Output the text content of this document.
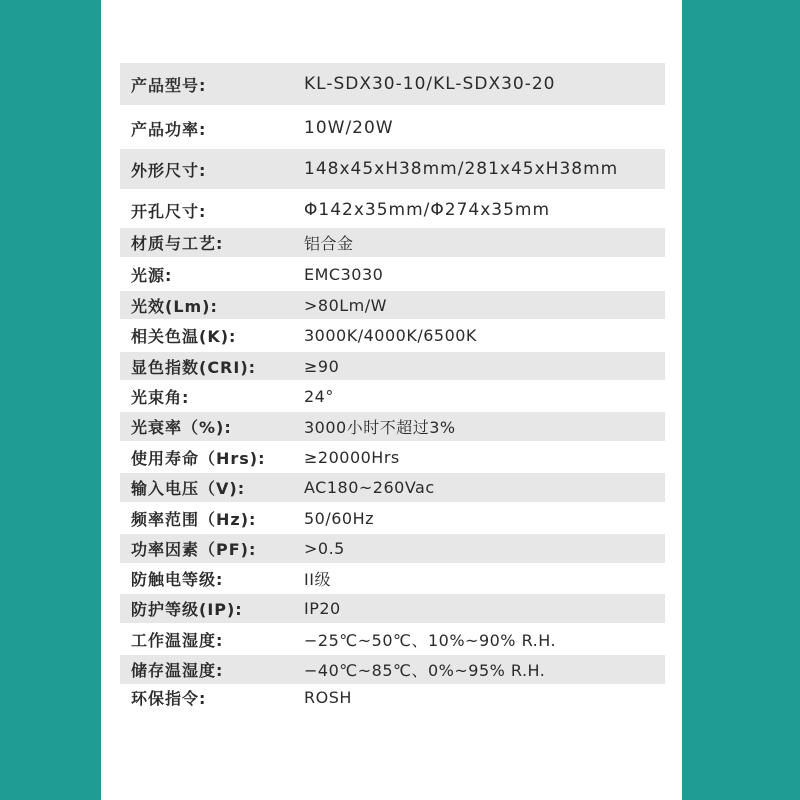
产品型号:	KL-SDX30-10/KL-SDX30-20
产品功率:	10W/20W
外形尺寸:	148x45xH38mm/281x45xH38mm
开孔尺寸:	Φ142x35mm/Φ274x35mm
材质与工艺:	铝合金
光源:	EMC3030
光效(Lm):	>80Lm/W
相关色温(K):	3000K/4000K/6500K
显色指数(CRI):	≥90
光束角:	24°
光衰率（%):	3000小时不超过3%
使用寿命（Hrs): ≥20000Hrs
输入电压（V):	AC180~260Vac
频率范围（Hz):	50/60Hz
功率因素（PF):	>0.5
防触电等级:	II级
防护等级(IP):	IP20
工作温湿度:	−25℃~50℃、10%~90% R.H.
储存温湿度:	−40℃~85℃、0%~95% R.H.
环保指令:	ROSH
